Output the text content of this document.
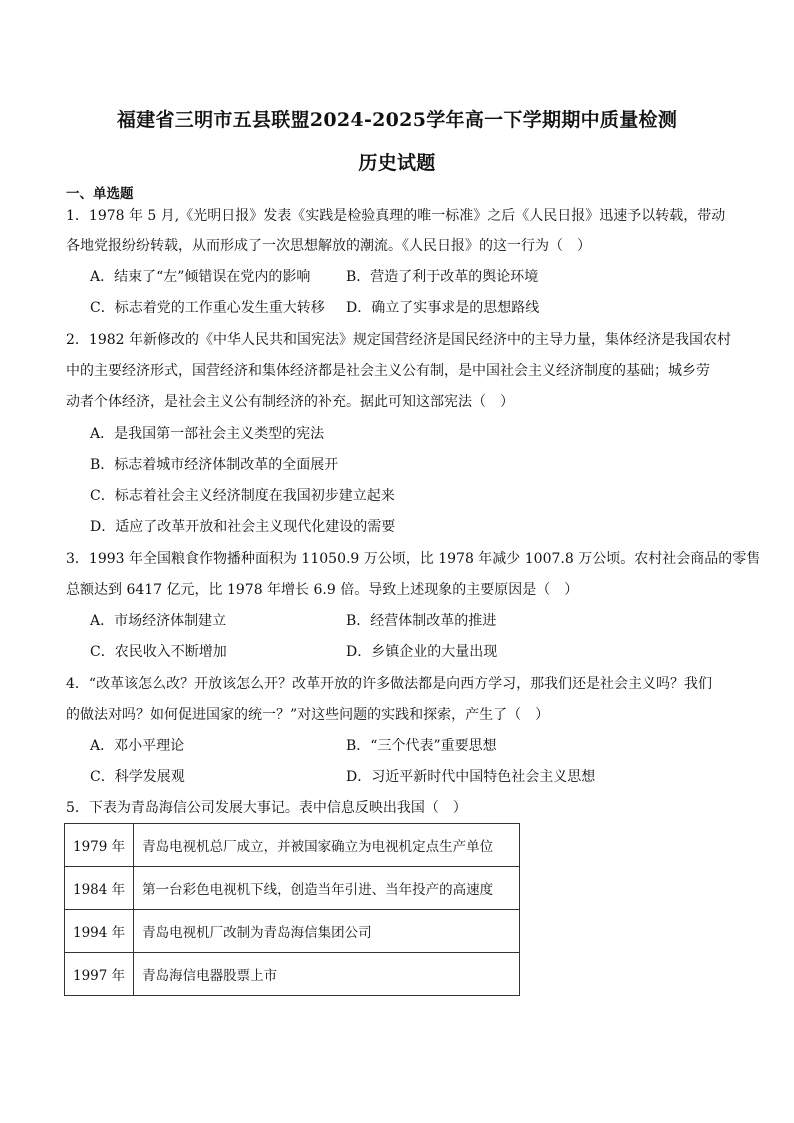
福建省三明市五县联盟2024-2025学年高一下学期期中质量检测
历史试题
一、单选题
1．1978 年 5 月,《光明日报》发表《实践是检验真理的唯一标准》之后《人民日报》迅速予以转载，带动
各地党报纷纷转载，从而形成了一次思想解放的潮流。《人民日报》的这一行为（　）
A．结束了“左”倾错误在党内的影响	B．营造了利于改革的舆论环境
C．标志着党的工作重心发生重大转移 D．确立了实事求是的思想路线
2．1982 年新修改的《中华人民共和国宪法》规定国营经济是国民经济中的主导力量，集体经济是我国农村
中的主要经济形式，国营经济和集体经济都是社会主义公有制，是中国社会主义经济制度的基础；城乡劳
动者个体经济，是社会主义公有制经济的补充。据此可知这部宪法（　）
A．是我国第一部社会主义类型的宪法
B．标志着城市经济体制改革的全面展开
C．标志着社会主义经济制度在我国初步建立起来
D．适应了改革开放和社会主义现代化建设的需要
3．1993 年全国粮食作物播种面积为 11050.9 万公顷，比 1978 年减少 1007.8 万公顷。农村社会商品的零售
总额达到 6417 亿元，比 1978 年增长 6.9 倍。导致上述现象的主要原因是（　）
A．市场经济体制建立	B．经营体制改革的推进
C．农民收入不断增加	D．乡镇企业的大量出现
4．“改革该怎么改？开放该怎么开？改革开放的许多做法都是向西方学习，那我们还是社会主义吗？我们
的做法对吗？如何促进国家的统一？”对这些问题的实践和探索，产生了（　）
A．邓小平理论	B．“三个代表”重要思想
C．科学发展观	D．习近平新时代中国特色社会主义思想
5．下表为青岛海信公司发展大事记。表中信息反映出我国（　）
1979 年	青岛电视机总厂成立，并被国家确立为电视机定点生产单位
1984 年	第一台彩色电视机下线，创造当年引进、当年投产的高速度
1994 年	青岛电视机厂改制为青岛海信集团公司
1997 年	青岛海信电器股票上市
